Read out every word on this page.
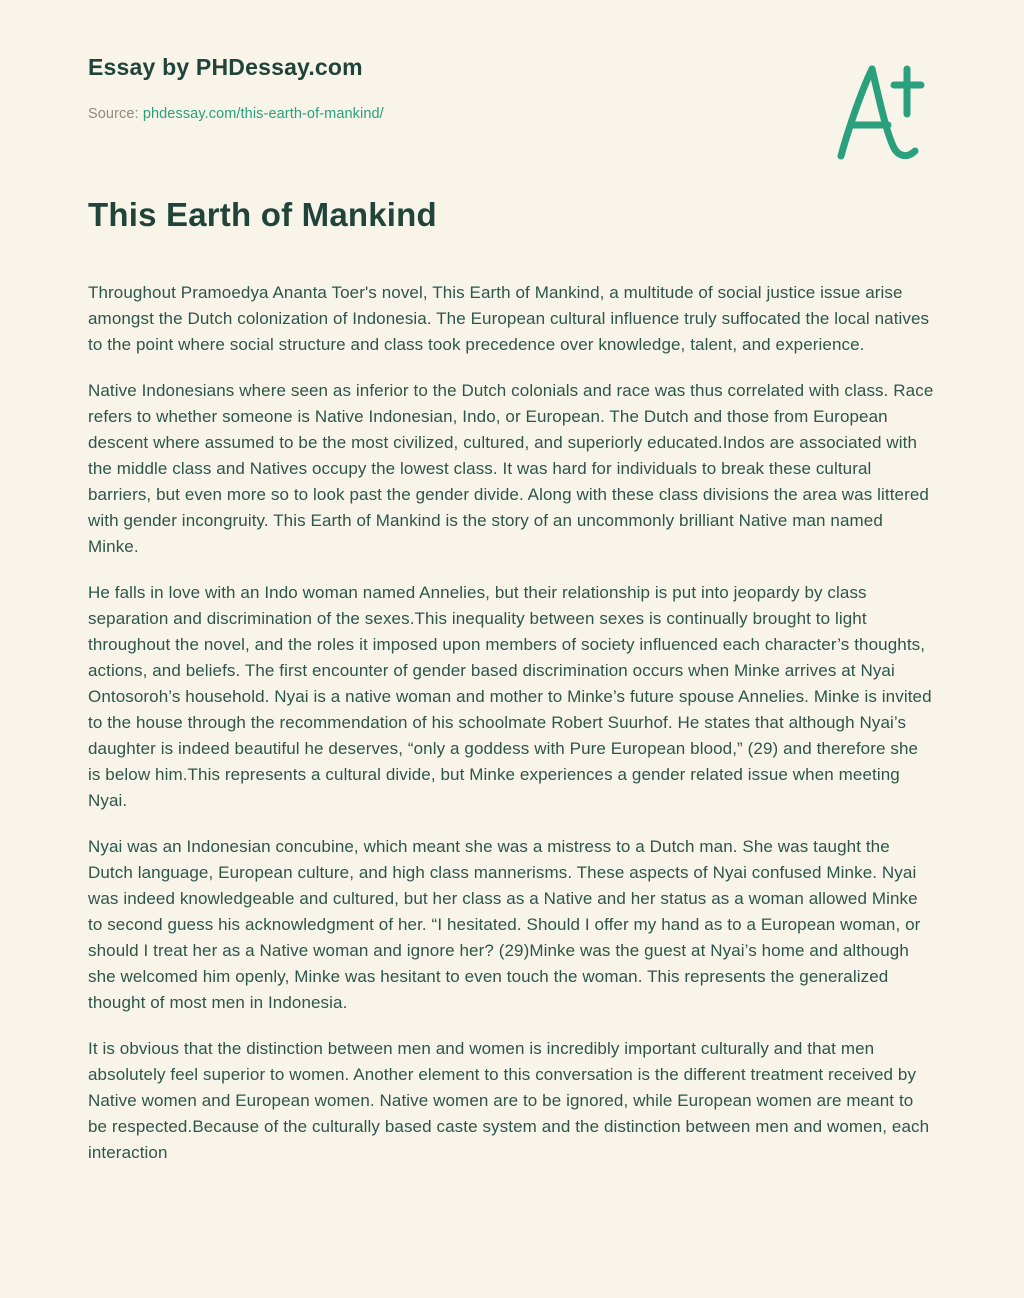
Essay by PHDessay.com
Source: phdessay.com/this-earth-of-mankind/
This Earth of Mankind

Throughout Pramoedya Ananta Toer's novel, This Earth of Mankind, a multitude of social justice issue arise amongst the Dutch colonization of Indonesia. The European cultural influence truly suffocated the local natives to the point where social structure and class took precedence over knowledge, talent, and experience.

Native Indonesians where seen as inferior to the Dutch colonials and race was thus correlated with class. Race refers to whether someone is Native Indonesian, Indo, or European. The Dutch and those from European descent where assumed to be the most civilized, cultured, and superiorly educated.Indos are associated with the middle class and Natives occupy the lowest class. It was hard for individuals to break these cultural barriers, but even more so to look past the gender divide. Along with these class divisions the area was littered with gender incongruity. This Earth of Mankind is the story of an uncommonly brilliant Native man named Minke.

He falls in love with an Indo woman named Annelies, but their relationship is put into jeopardy by class separation and discrimination of the sexes.This inequality between sexes is continually brought to light throughout the novel, and the roles it imposed upon members of society influenced each character’s thoughts, actions, and beliefs. The first encounter of gender based discrimination occurs when Minke arrives at Nyai Ontosoroh’s household. Nyai is a native woman and mother to Minke’s future spouse Annelies. Minke is invited to the house through the recommendation of his schoolmate Robert Suurhof. He states that although Nyai’s daughter is indeed beautiful he deserves, “only a goddess with Pure European blood,” (29) and therefore she is below him.This represents a cultural divide, but Minke experiences a gender related issue when meeting Nyai.

Nyai was an Indonesian concubine, which meant she was a mistress to a Dutch man. She was taught the Dutch language, European culture, and high class mannerisms. These aspects of Nyai confused Minke. Nyai was indeed knowledgeable and cultured, but her class as a Native and her status as a woman allowed Minke to second guess his acknowledgment of her. “I hesitated. Should I offer my hand as to a European woman, or should I treat her as a Native woman and ignore her? (29)Minke was the guest at Nyai’s home and although she welcomed him openly, Minke was hesitant to even touch the woman. This represents the generalized thought of most men in Indonesia.

It is obvious that the distinction between men and women is incredibly important culturally and that men absolutely feel superior to women. Another element to this conversation is the different treatment received by Native women and European women. Native women are to be ignored, while European women are meant to be respected.Because of the culturally based caste system and the distinction between men and women, each interaction
